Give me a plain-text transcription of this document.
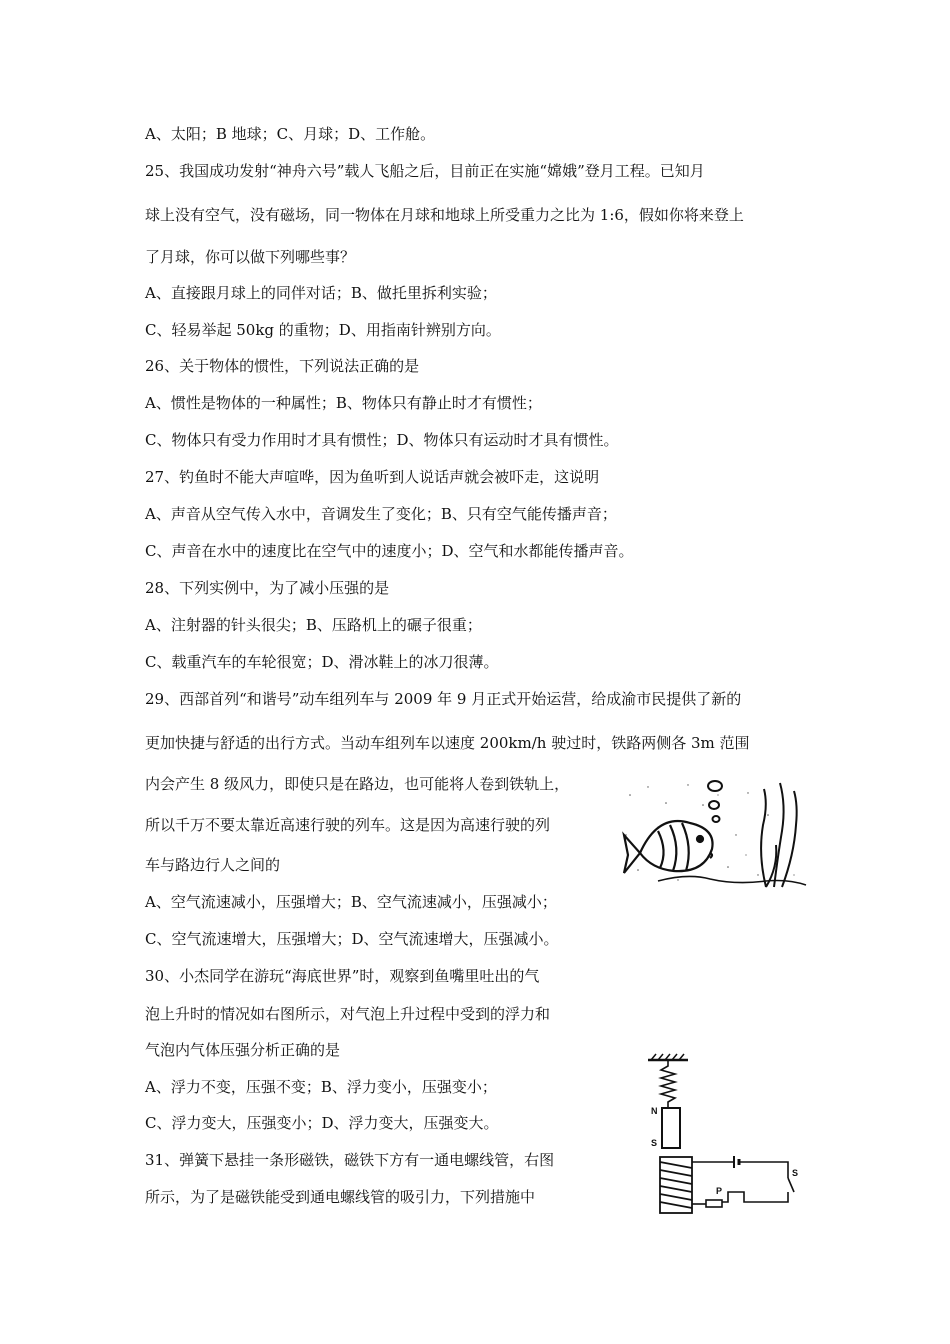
A、太阳；B 地球；C、月球；D、工作舱。
25、我国成功发射“神舟六号”载人飞船之后，目前正在实施“嫦娥”登月工程。已知月
球上没有空气，没有磁场，同一物体在月球和地球上所受重力之比为 1:6，假如你将来登上
了月球，你可以做下列哪些事？
A、直接跟月球上的同伴对话；B、做托里拆利实验；
C、轻易举起 50kg 的重物；D、用指南针辨别方向。
26、关于物体的惯性，下列说法正确的是
A、惯性是物体的一种属性；B、物体只有静止时才有惯性；
C、物体只有受力作用时才具有惯性；D、物体只有运动时才具有惯性。
27、钓鱼时不能大声喧哗，因为鱼听到人说话声就会被吓走，这说明
A、声音从空气传入水中，音调发生了变化；B、只有空气能传播声音；
C、声音在水中的速度比在空气中的速度小；D、空气和水都能传播声音。
28、下列实例中，为了减小压强的是
A、注射器的针头很尖；B、压路机上的碾子很重；
C、载重汽车的车轮很宽；D、滑冰鞋上的冰刀很薄。
29、西部首列“和谐号”动车组列车与 2009 年 9 月正式开始运营，给成渝市民提供了新的
更加快捷与舒适的出行方式。当动车组列车以速度 200km/h 驶过时，铁路两侧各 3m 范围
内会产生 8 级风力，即使只是在路边，也可能将人卷到铁轨上，
所以千万不要太靠近高速行驶的列车。这是因为高速行驶的列
车与路边行人之间的
A、空气流速减小，压强增大；B、空气流速减小，压强减小；
C、空气流速增大，压强增大；D、空气流速增大，压强减小。
30、小杰同学在游玩“海底世界”时，观察到鱼嘴里吐出的气
泡上升时的情况如右图所示，对气泡上升过程中受到的浮力和
气泡内气体压强分析正确的是
A、浮力不变，压强不变；B、浮力变小，压强变小；
C、浮力变大，压强变小；D、浮力变大，压强变大。
31、弹簧下悬挂一条形磁铁，磁铁下方有一通电螺线管，右图
所示，为了是磁铁能受到通电螺线管的吸引力，下列措施中
N
S
S
P
